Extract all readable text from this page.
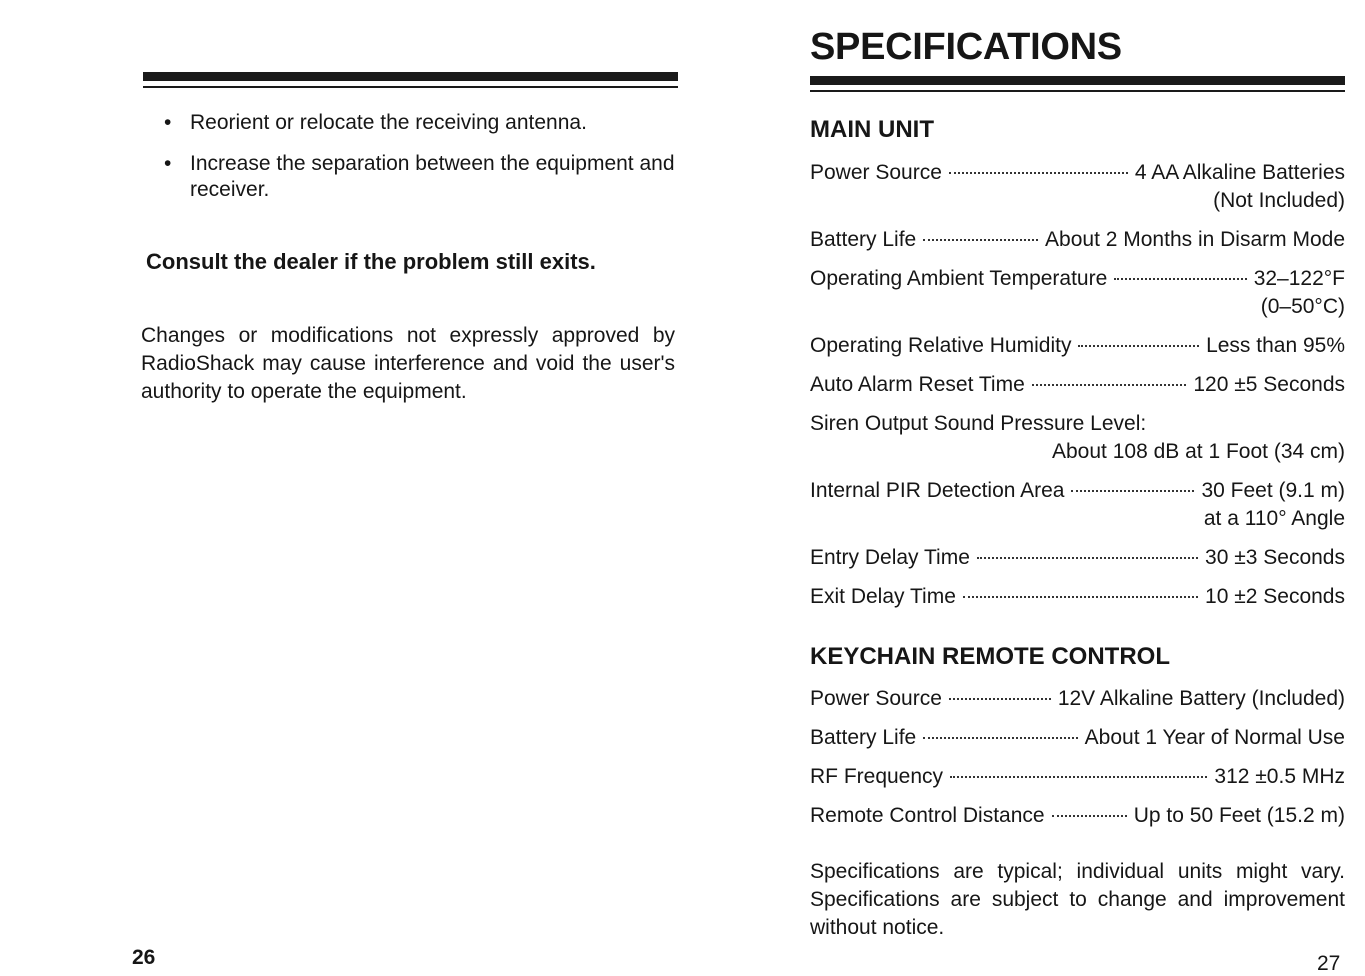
• Reorient or relocate the receiving antenna.
• Increase the separation between the equipment and receiver.

Consult the dealer if the problem still exits.

Changes or modifications not expressly approved by RadioShack may cause interference and void the user's authority to operate the equipment.

26
SPECIFICATIONS
MAIN UNIT
Power Source	4 AA Alkaline Batteries
(Not Included)
Battery Life	About 2 Months in Disarm Mode
Operating Ambient Temperature	32–122°F
(0–50°C)
Operating Relative Humidity	Less than 95%
Auto Alarm Reset Time	120 ±5 Seconds
Siren Output Sound Pressure Level:
About 108 dB at 1 Foot (34 cm)
Internal PIR Detection Area	30 Feet (9.1 m)
at a 110° Angle
Entry Delay Time	30 ±3 Seconds
Exit Delay Time	10 ±2 Seconds
KEYCHAIN REMOTE CONTROL
Power Source	12V Alkaline Battery (Included)
Battery Life	About 1 Year of Normal Use
RF Frequency	312 ±0.5 MHz
Remote Control Distance	Up to 50 Feet (15.2 m)

Specifications are typical; individual units might vary. Specifications are subject to change and improvement without notice.

27
